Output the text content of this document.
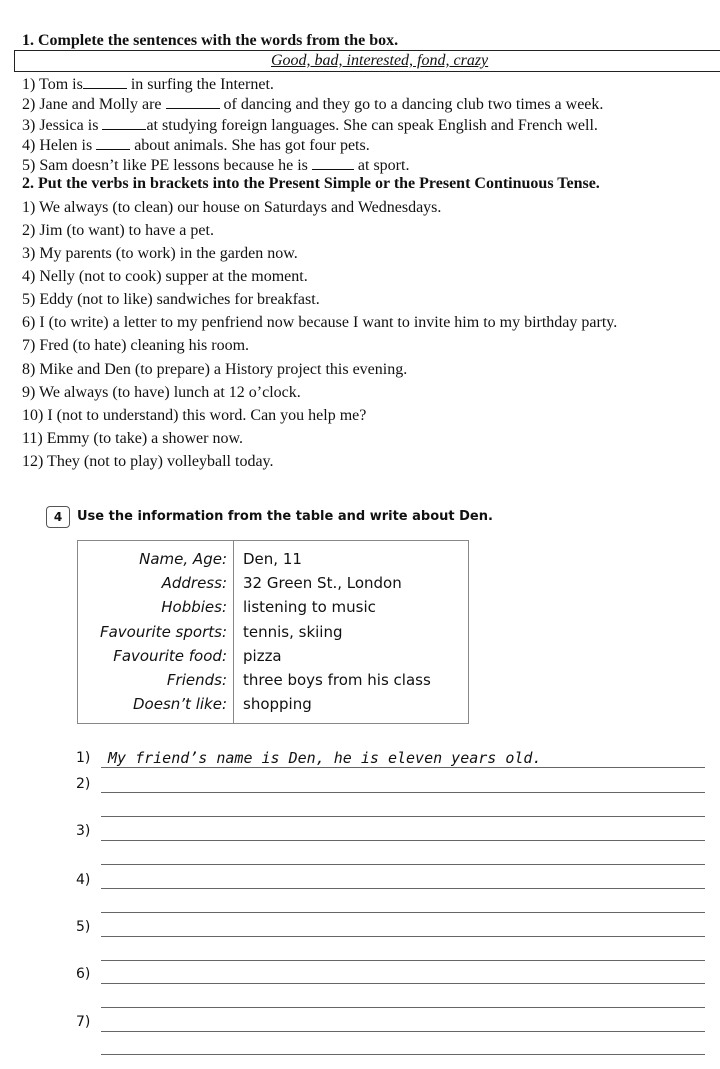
1. Complete the sentences with the words from the box.
Good, bad, interested, fond, crazy
1) Tom is	in surfing the Internet.
2) Jane and Molly are	of dancing and they go to a dancing club two times a week.
3) Jessica is	at studying foreign languages. She can speak English and French well.
4) Helen is	about animals. She has got four pets.
5) Sam doesn’t like PE lessons because he is	at sport.
2. Put the verbs in brackets into the Present Simple or the Present Continuous Tense.
1) We always (to clean) our house on Saturdays and Wednesdays.
2) Jim (to want) to have a pet.
3) My parents (to work) in the garden now.
4) Nelly (not to cook) supper at the moment.
5) Eddy (not to like) sandwiches for breakfast.
6) I (to write) a letter to my penfriend now because I want to invite him to my birthday party.
7) Fred (to hate) cleaning his room.
8) Mike and Den (to prepare) a History project this evening.
9) We always (to have) lunch at 12 o’clock.
10) I (not to understand) this word. Can you help me?
11) Emmy (to take) a shower now.
12) They (not to play) volleyball today.
4	Use the information from the table and write about Den.
Name, Age: Den, 11
Address: 32 Green St., London
Hobbies: listening to music
Favourite sports: tennis, skiing
Favourite food: pizza
Friends: three boys from his class
Doesn’t like: shopping
1) My friend’s name is Den, he is eleven years old.
2)
3)
4)
5)
6)
7)
